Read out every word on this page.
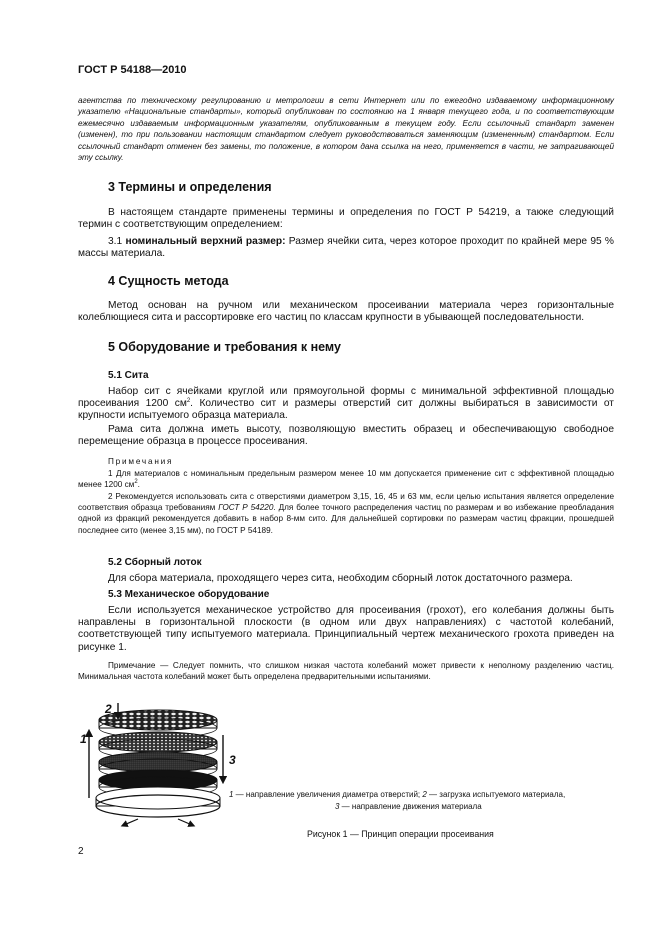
ГОСТ Р 54188—2010
агентства по техническому регулированию и метрологии в сети Интернет или по ежегодно издаваемому информационному указателю «Национальные стандарты», который опубликован по состоянию на 1 января текущего года, и по соответствующим ежемесячно издаваемым информационным указателям, опубликованным в текущем году. Если ссылочный стандарт заменен (изменен), то при пользовании настоящим стандартом следует руководствоваться заменяющим (измененным) стандартом. Если ссылочный стандарт отменен без замены, то положение, в котором дана ссылка на него, применяется в части, не затрагивающей эту ссылку.
3 Термины и определения
В настоящем стандарте применены термины и определения по ГОСТ Р 54219, а также следующий термин с соответствующим определением:
3.1 номинальный верхний размер: Размер ячейки сита, через которое проходит по крайней мере 95 % массы материала.
4 Сущность метода
Метод основан на ручном или механическом просеивании материала через горизонтальные колеблющиеся сита и рассортировке его частиц по классам крупности в убывающей последовательности.
5 Оборудование и требования к нему
5.1 Сита
Набор сит с ячейками круглой или прямоугольной формы с минимальной эффективной площадью просеивания 1200 $см^2$. Количество сит и размеры отверстий сит должны выбираться в зависимости от крупности испытуемого образца материала.
Рама сита должна иметь высоту, позволяющую вместить образец и обеспечивающую свободное перемещение образца в процессе просеивания.
Примечания
1 Для материалов с номинальным предельным размером менее 10 мм допускается применение сит с эффективной площадью менее 1200 $см^2$.
2 Рекомендуется использовать сита с отверстиями диаметром 3,15, 16, 45 и 63 мм, если целью испытания является определение соответствия образца требованиям ГОСТ Р 54220. Для более точного распределения частиц по размерам и во избежание преобладания одной из фракций рекомендуется добавить в набор 8-мм сито. Для дальнейшей сортировки по размерам частиц фракции, прошедшей последнее сито (менее 3,15 мм), по ГОСТ Р 54189.
5.2 Сборный лоток
Для сбора материала, проходящего через сита, необходим сборный лоток достаточного размера.
5.3 Механическое оборудование
Если используется механическое устройство для просеивания (грохот), его колебания должны быть направлены в горизонтальной плоскости (в одном или двух направлениях) с частотой колебаний, соответствующей типу испытуемого материала. Принципиальный чертеж механического грохота приведен на рисунке 1.
Примечание — Следует помнить, что слишком низкая частота колебаний может привести к неполному разделению частиц. Минимальная частота колебаний может быть определена предварительными испытаниями.
1
2
3
1 — направление увеличения диаметра отверстий; 2 — загрузка испытуемого материала,
3 — направление движения материала
Рисунок 1 — Принцип операции просеивания
2
